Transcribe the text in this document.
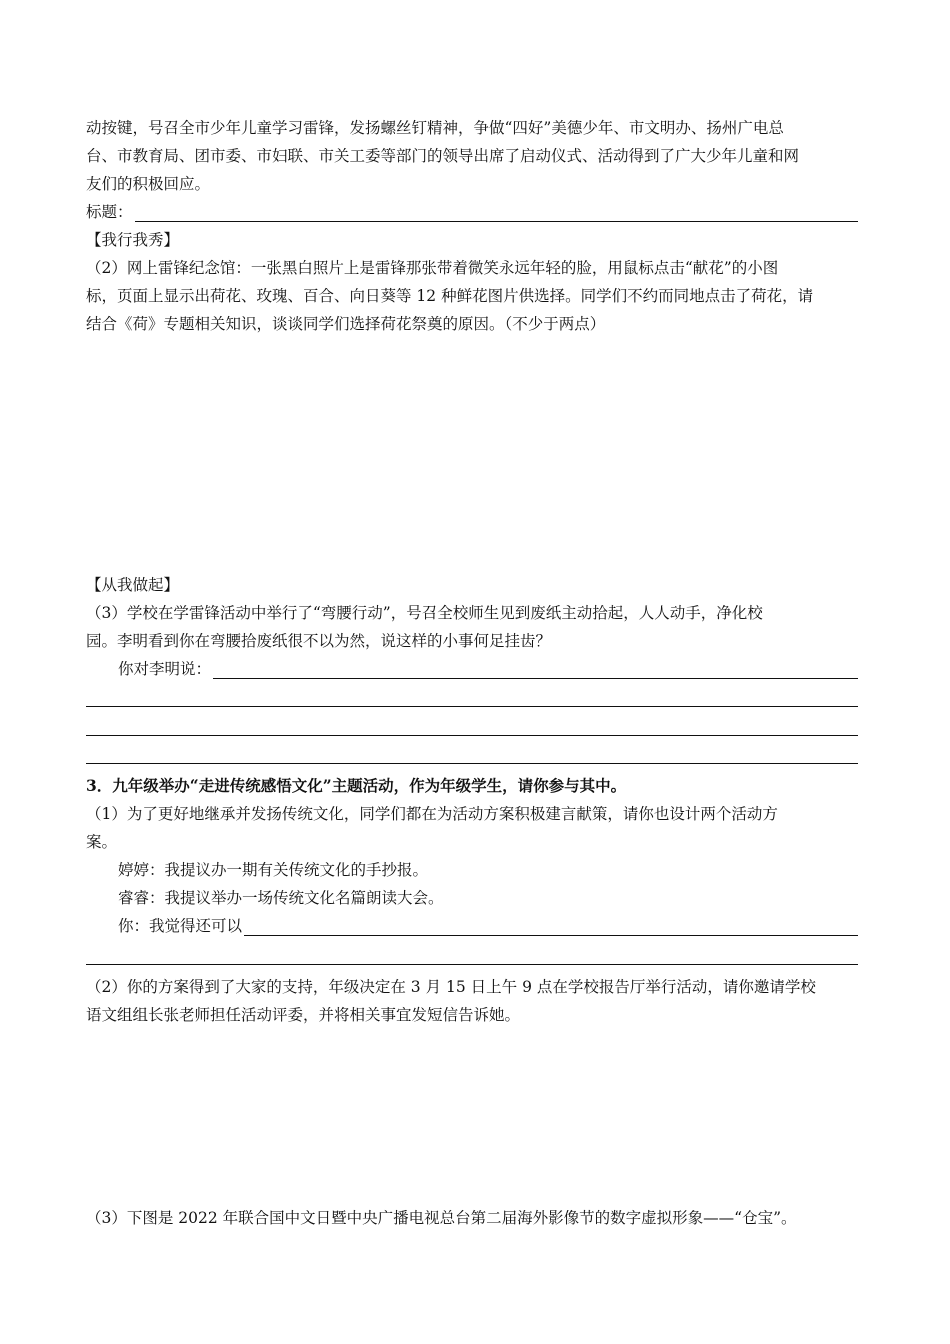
动按键，号召全市少年儿童学习雷锋，发扬螺丝钉精神，争做“四好”美德少年、市文明办、扬州广电总
台、市教育局、团市委、市妇联、市关工委等部门的领导出席了启动仪式、活动得到了广大少年儿童和网
友们的积极回应。
标题：
【我行我秀】
（2）网上雷锋纪念馆：一张黑白照片上是雷锋那张带着微笑永远年轻的脸，用鼠标点击“献花”的小图
标，页面上显示出荷花、玫瑰、百合、向日葵等 12 种鲜花图片供选择。同学们不约而同地点击了荷花，请
结合《荷》专题相关知识，谈谈同学们选择荷花祭奠的原因。（不少于两点）
【从我做起】
（3）学校在学雷锋活动中举行了“弯腰行动”，号召全校师生见到废纸主动拾起，人人动手，净化校
园。李明看到你在弯腰拾废纸很不以为然，说这样的小事何足挂齿？
你对李明说：
3．九年级举办“走进传统感悟文化”主题活动，作为年级学生，请你参与其中。
（1）为了更好地继承并发扬传统文化，同学们都在为活动方案积极建言献策，请你也设计两个活动方
案。
婷婷：我提议办一期有关传统文化的手抄报。
睿睿：我提议举办一场传统文化名篇朗读大会。
你：我觉得还可以
（2）你的方案得到了大家的支持，年级决定在 3 月 15 日上午 9 点在学校报告厅举行活动，请你邀请学校
语文组组长张老师担任活动评委，并将相关事宜发短信告诉她。
（3）下图是 2022 年联合国中文日暨中央广播电视总台第二届海外影像节的数字虚拟形象——“仓宝”。
